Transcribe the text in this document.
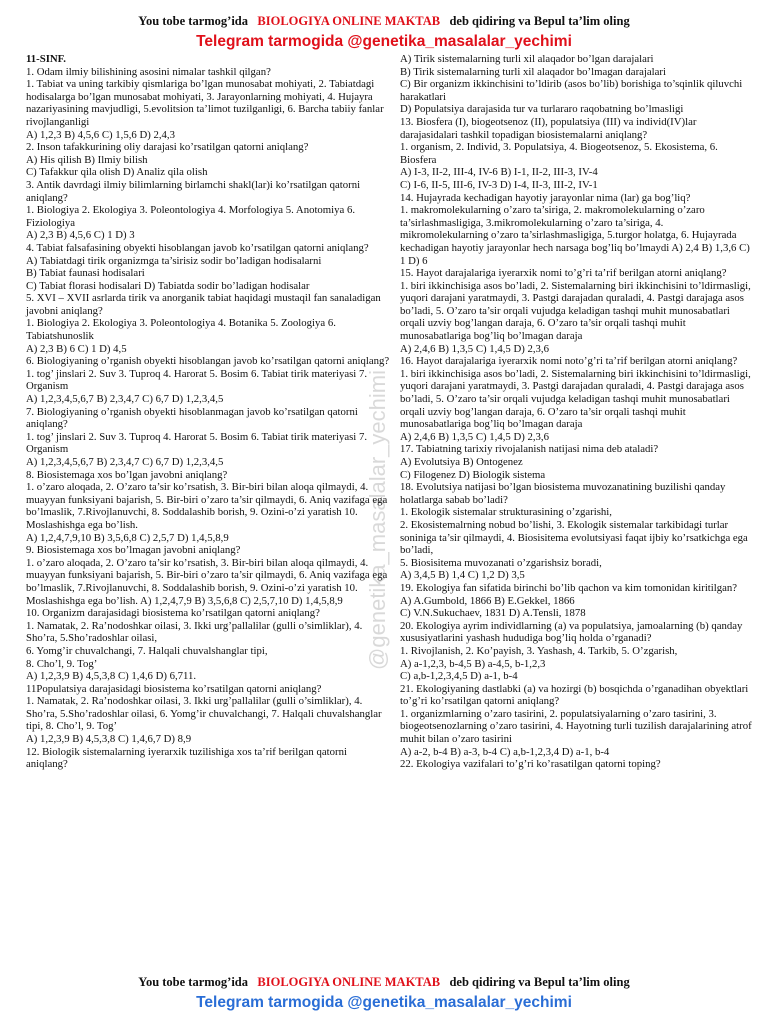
You tobe tarmog’ida BIOLOGIYA ONLINE MAKTAB deb qidiring va Bepul ta’lim oling
Telegram tarmogida @genetika_masalalar_yechimi
@genetika_masalalar_yechimi

11-SINF.

1. Odam ilmiy bilishining asosini nimalar tashkil qilgan?

1. Tabiat va uning tarkibiy qismlariga bo’lgan munosabat mohiyati, 2. Tabiatdagi hodisalarga bo’lgan munosabat mohiyati, 3. Jarayonlarning mohiyati, 4. Hujayra nazariyasining mavjudligi, 5.evolitsion ta’limot tuzilganligi, 6. Barcha tabiiy fanlar rivojlanganligi

A) 1,2,3 B) 4,5,6 C) 1,5,6 D) 2,4,3

2. Inson tafakkurining oliy darajasi ko’rsatilgan qatorni aniqlang?

A) His qilish B) Ilmiy bilish

C) Tafakkur qila olish D) Analiz qila olish

3. Antik davrdagi ilmiy bilimlarning birlamchi shakl(lar)i ko’rsatilgan qatorni aniqlang?

1. Biologiya 2. Ekologiya 3. Poleontologiya 4. Morfologiya 5. Anotomiya 6. Fiziologiya

A) 2,3 B) 4,5,6 C) 1 D) 3

4. Tabiat falsafasining obyekti hisoblangan javob ko’rsatilgan qatorni aniqlang?

A) Tabiatdagi tirik organizmga ta’sirisiz sodir bo’ladigan hodisalarni

B) Tabiat faunasi hodisalari

C) Tabiat florasi hodisalari D) Tabiatda sodir bo’ladigan hodisalar

5. XVI – XVII asrlarda tirik va anorganik tabiat haqidagi mustaqil fan sanaladigan javobni aniqlang?

1. Biologiya 2. Ekologiya 3. Poleontologiya 4. Botanika 5. Zoologiya 6. Tabiatshunoslik

A) 2,3 B) 6 C) 1 D) 4,5

6. Biologiyaning o’rganish obyekti hisoblangan javob ko’rsatilgan qatorni aniqlang?

1. tog’ jinslari 2. Suv 3. Tuproq 4. Harorat 5. Bosim 6. Tabiat tirik materiyasi 7. Organism

A) 1,2,3,4,5,6,7 B) 2,3,4,7 C) 6,7 D) 1,2,3,4,5

7. Biologiyaning o’rganish obyekti hisoblanmagan javob ko’rsatilgan qatorni aniqlang?

1. tog’ jinslari 2. Suv 3. Tuproq 4. Harorat 5. Bosim 6. Tabiat tirik materiyasi 7. Organism

A) 1,2,3,4,5,6,7 B) 2,3,4,7 C) 6,7 D) 1,2,3,4,5

8. Biosistemaga xos bo’lgan javobni aniqlang?

1. o’zaro aloqada, 2. O’zaro ta’sir ko’rsatish, 3. Bir-biri bilan aloqa qilmaydi, 4. muayyan funksiyani bajarish, 5. Bir-biri o’zaro ta’sir qilmaydi, 6. Aniq vazifaga ega bo’lmaslik, 7.Rivojlanuvchi, 8. Soddalashib borish, 9. Ozini-o’zi yaratish 10. Moslashishga ega bo’lish.

A) 1,2,4,7,9,10 B) 3,5,6,8 C) 2,5,7 D) 1,4,5,8,9

9. Biosistemaga xos bo’lmagan javobni aniqlang?

1. o’zaro aloqada, 2. O’zaro ta’sir ko’rsatish, 3. Bir-biri bilan aloqa qilmaydi, 4. muayyan funksiyani bajarish, 5. Bir-biri o’zaro ta’sir qilmaydi, 6. Aniq vazifaga ega bo’lmaslik, 7.Rivojlanuvchi, 8. Soddalashib borish, 9. Ozini-o’zi yaratish 10. Moslashishga ega bo’lish. A) 1,2,4,7,9 B) 3,5,6,8 C) 2,5,7,10 D) 1,4,5,8,9

10. Organizm darajasidagi biosistema ko’rsatilgan qatorni aniqlang?

1. Namatak, 2. Ra’nodoshkar oilasi, 3. Ikki urg’pallalilar (gulli o’simliklar), 4. Sho’ra, 5.Sho’radoshlar oilasi,

6. Yomg’ir chuvalchangi, 7. Halqali chuvalshanglar tipi,

8. Cho’l, 9. Tog’

A) 1,2,3,9 B) 4,5,3,8 C) 1,4,6 D) 6,711.

11Populatsiya darajasidagi biosistema ko’rsatilgan qatorni aniqlang?

1. Namatak, 2. Ra’nodoshkar oilasi, 3. Ikki urg’pallalilar (gulli o’simliklar), 4. Sho’ra, 5.Sho’radoshlar oilasi, 6. Yomg’ir chuvalchangi, 7. Halqali chuvalshanglar tipi, 8. Cho’l, 9. Tog’

A) 1,2,3,9 B) 4,5,3,8 C) 1,4,6,7 D) 8,9

12. Biologik sistemalarning iyerarxik tuzilishiga xos ta’rif berilgan qatorni aniqlang?

A) Tirik sistemalarning turli xil alaqador bo’lgan darajalari

B) Tirik sistemalarning turli xil alaqador bo’lmagan darajalari

C) Bir organizm ikkinchisini to’ldirib (asos bo’lib) borishiga to’sqinlik qiluvchi harakatlari

D) Populatsiya darajasida tur va turlararo raqobatning bo’lmasligi

13. Biosfera (I), biogeotsenoz (II), populatsiya (III) va individ(IV)lar darajasidalari tashkil topadigan biosistemalarni aniqlang?

1. organism, 2. Individ, 3. Populatsiya, 4. Biogeotsenoz, 5. Ekosistema, 6. Biosfera

A) I-3, II-2, III-4, IV-6 B) I-1, II-2, III-3, IV-4

C) I-6, II-5, III-6, IV-3 D) I-4, II-3, III-2, IV-1

14. Hujayrada kechadigan hayotiy jarayonlar nima (lar) ga bog’liq?

1. makromolekularning o’zaro ta’siriga, 2. makromolekularning o’zaro ta’sirlashmasligiga, 3.mikromolekularning o’zaro ta’siriga, 4. mikromolekularning o’zaro ta’sirlashmasligiga, 5.turgor holatga, 6. Hujayrada kechadigan hayotiy jarayonlar hech narsaga bog’liq bo’lmaydi A) 2,4 B) 1,3,6 C) 1 D) 6

15. Hayot darajalariga iyerarxik nomi to’g’ri ta’rif berilgan atorni aniqlang?

1. biri ikkinchisiga asos bo’ladi, 2. Sistemalarning biri ikkinchisini to’ldirmasligi, yuqori darajani yaratmaydi, 3. Pastgi darajadan quraladi, 4. Pastgi darajaga asos bo’ladi, 5. O’zaro ta’sir orqali vujudga keladigan tashqi muhit munosabatlari orqali uzviy bog’langan daraja, 6. O’zaro ta’sir orqali tashqi muhit munosabatlariga bog’liq bo’lmagan daraja

A) 2,4,6 B) 1,3,5 C) 1,4,5 D) 2,3,6

16. Hayot darajalariga iyerarxik nomi noto’g’ri ta’rif berilgan atorni aniqlang?

1. biri ikkinchisiga asos bo’ladi, 2. Sistemalarning biri ikkinchisini to’ldirmasligi, yuqori darajani yaratmaydi, 3. Pastgi darajadan quraladi, 4. Pastgi darajaga asos bo’ladi, 5. O’zaro ta’sir orqali vujudga keladigan tashqi muhit munosabatlari orqali uzviy bog’langan daraja, 6. O’zaro ta’sir orqali tashqi muhit munosabatlariga bog’liq bo’lmagan daraja

A) 2,4,6 B) 1,3,5 C) 1,4,5 D) 2,3,6

17. Tabiatning tarixiy rivojalanish natijasi nima deb ataladi?

A) Evolutsiya B) Ontogenez

C) Filogenez D) Biologik sistema

18. Evolutsiya natijasi bo’lgan biosistema muvozanatining buzilishi qanday holatlarga sabab bo’ladi?

1. Ekologik sistemalar strukturasining o’zgarishi,

2. Ekosistemalrning nobud bo’lishi, 3. Ekologik sistemalar tarkibidagi turlar soniniga ta’sir qilmaydi, 4. Biosisitema evolutsiyasi faqat ijbiy ko’rsatkichga ega bo’ladi,

5. Biosisitema muvozanati o’zgarishsiz boradi,

A) 3,4,5 B) 1,4 C) 1,2 D) 3,5

19. Ekologiya fan sifatida birinchi bo’lib qachon va kim tomonidan kiritilgan?

A) A.Gumbold, 1866 B) E.Gekkel, 1866

C) V.N.Sukuchaev, 1831 D) A.Tensli, 1878

20. Ekologiya ayrim individlarning (a) va populatsiya, jamoalarning (b) qanday xususiyatlarini yashash hududiga bog’liq holda o’rganadi?

1. Rivojlanish, 2. Ko’payish, 3. Yashash, 4. Tarkib, 5. O’zgarish,

A) a-1,2,3, b-4,5 B) a-4,5, b-1,2,3

C) a,b-1,2,3,4,5 D) a-1, b-4

21. Ekologiyaning dastlabki (a) va hozirgi (b) bosqichda o’rganadihan obyektlari to’g’ri ko’rsatilgan qatorni aniqlang?

1. organizmlarning o’zaro tasirini, 2. populatsiyalarning o’zaro tasirini, 3. biogeotsenozlarning o’zaro tasirini, 4. Hayotning turli tuzilish darajalarining atrof muhit bilan o’zaro tasirini

A) a-2, b-4 B) a-3, b-4 C) a,b-1,2,3,4 D) a-1, b-4

22. Ekologiya vazifalari to’g’ri ko’rasatilgan qatorni toping?

You tobe tarmog’ida BIOLOGIYA ONLINE MAKTAB deb qidiring va Bepul ta’lim oling
Telegram tarmogida @genetika_masalalar_yechimi
